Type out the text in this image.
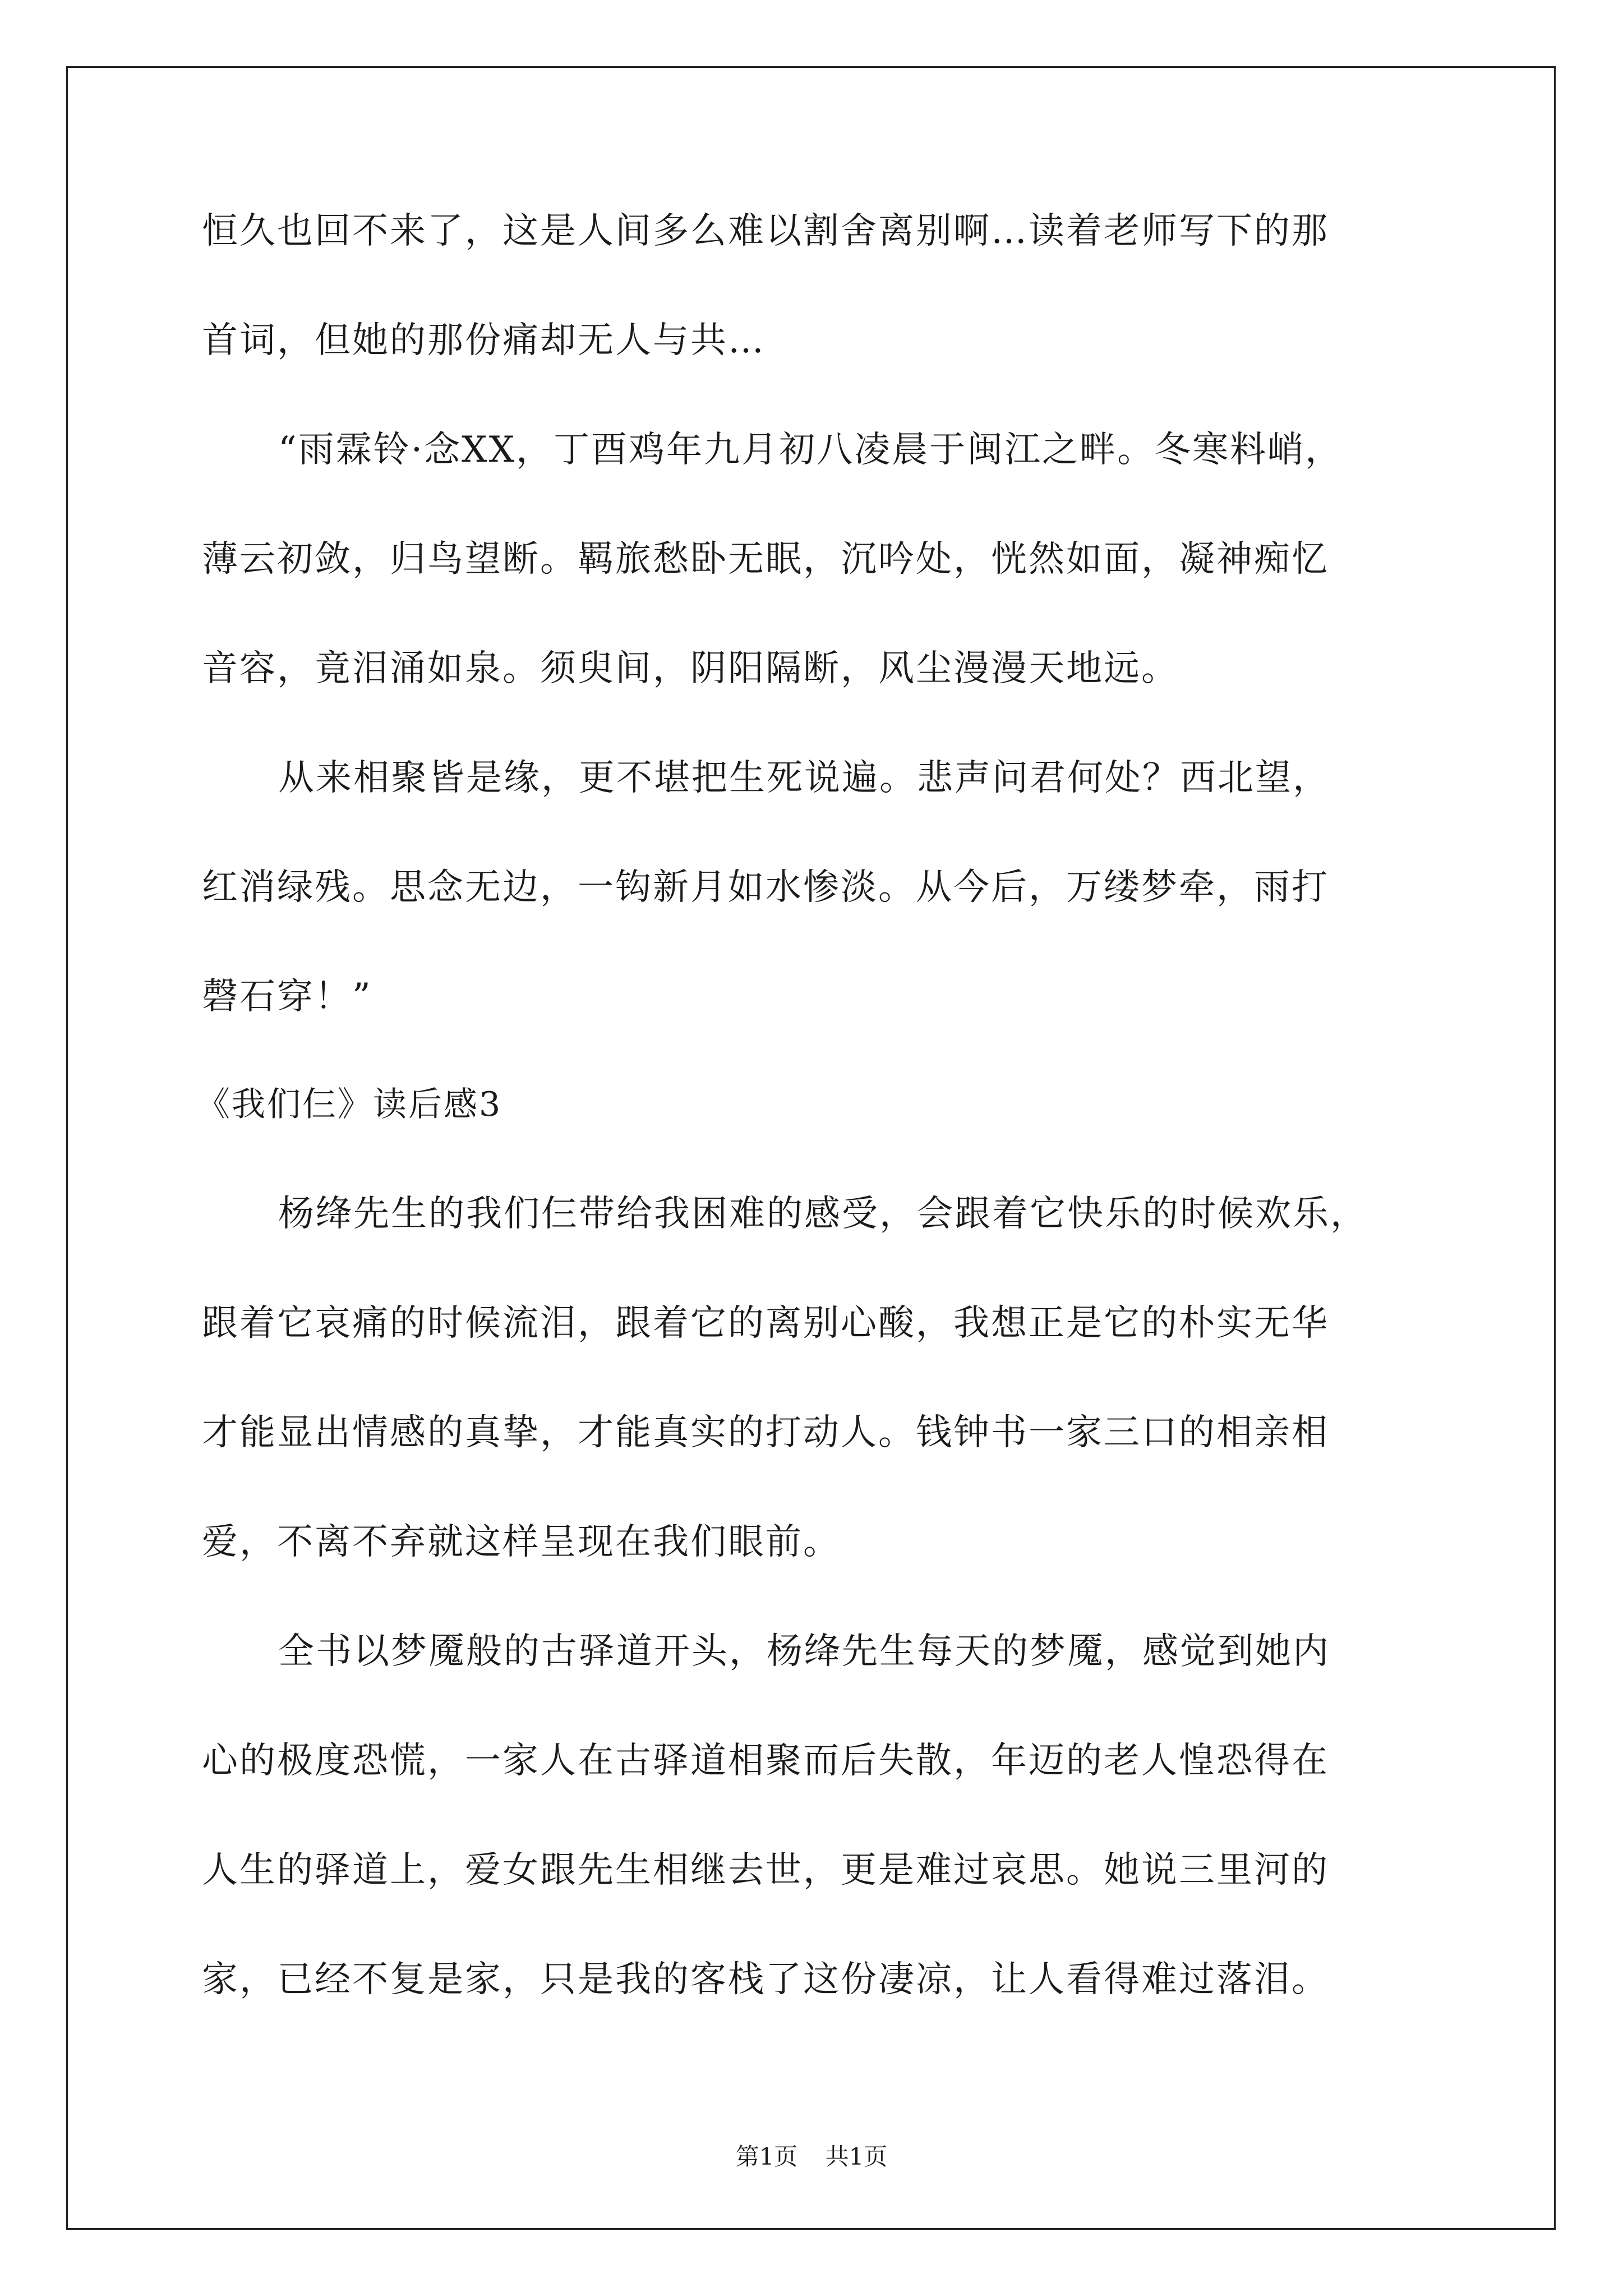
恒久也回不来了，这是人间多么难以割舍离别啊…读着老师写下的那

首词，但她的那份痛却无人与共…

“雨霖铃·念XX，丁酉鸡年九月初八凌晨于闽江之畔。冬寒料峭，

薄云初敛，归鸟望断。羁旅愁卧无眠，沉吟处，恍然如面，凝神痴忆

音容，竟泪涌如泉。须臾间，阴阳隔断，风尘漫漫天地远。

从来相聚皆是缘，更不堪把生死说遍。悲声问君何处？西北望，

红消绿残。思念无边，一钩新月如水惨淡。从今后，万缕梦牵，雨打

磬石穿！”

《我们仨》读后感3

杨绛先生的我们仨带给我困难的感受，会跟着它快乐的时候欢乐，

跟着它哀痛的时候流泪，跟着它的离别心酸，我想正是它的朴实无华

才能显出情感的真挚，才能真实的打动人。钱钟书一家三口的相亲相

爱，不离不弃就这样呈现在我们眼前。

全书以梦魇般的古驿道开头，杨绛先生每天的梦魇，感觉到她内

心的极度恐慌，一家人在古驿道相聚而后失散，年迈的老人惶恐得在

人生的驿道上，爱女跟先生相继去世，更是难过哀思。她说三里河的

家，已经不复是家，只是我的客栈了这份凄凉，让人看得难过落泪。

第1页 共1页
